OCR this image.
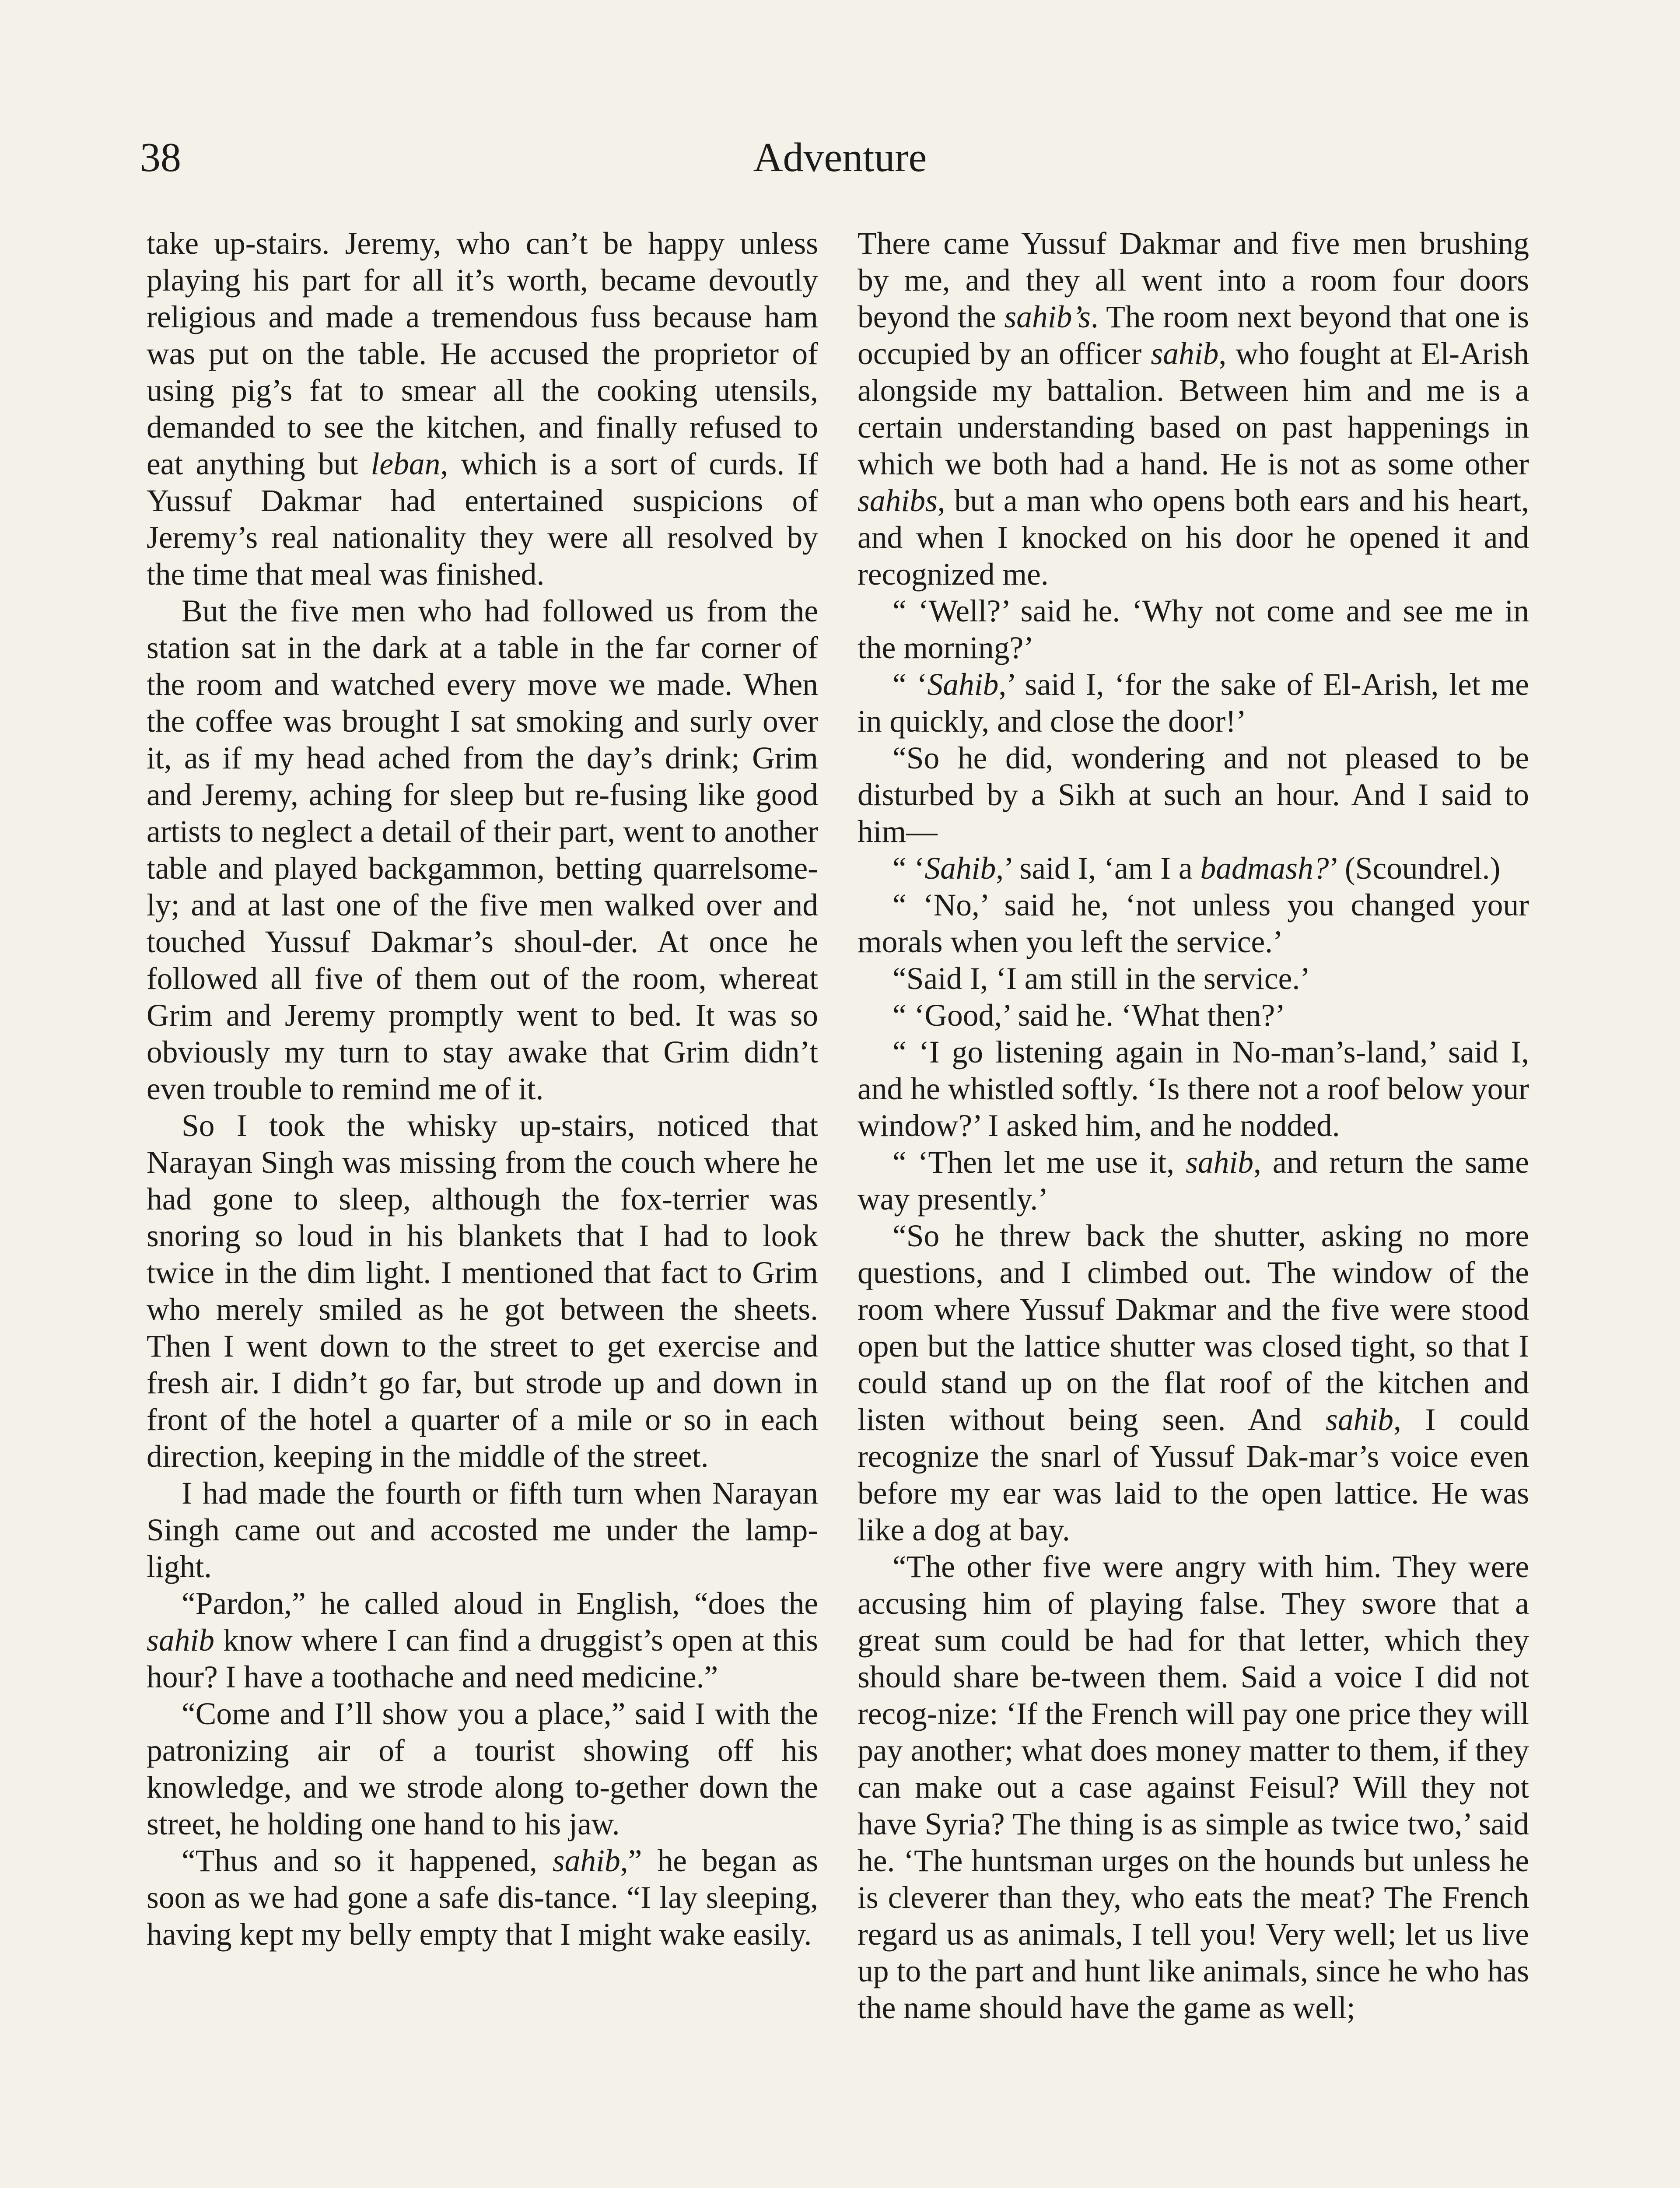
38	Adventure

take up-stairs. Jeremy, who can’t be happy unless playing his part for all it’s worth, became devoutly religious and made a tremendous fuss because ham was put on the table. He accused the proprietor of using pig’s fat to smear all the cooking utensils, demanded to see the kitchen, and finally refused to eat anything but leban, which is a sort of curds. If Yussuf Dakmar had entertained suspicions of Jeremy’s real nationality they were all resolved by the time that meal was finished.

But the five men who had followed us from the station sat in the dark at a table in the far corner of the room and watched every move we made. When the coffee was brought I sat smoking and surly over it, as if my head ached from the day’s drink; Grim and Jeremy, aching for sleep but re-fusing like good artists to neglect a detail of their part, went to another table and played backgammon, betting quarrelsome-ly; and at last one of the five men walked over and touched Yussuf Dakmar’s shoul-der. At once he followed all five of them out of the room, whereat Grim and Jeremy promptly went to bed. It was so obviously my turn to stay awake that Grim didn’t even trouble to remind me of it.

So I took the whisky up-stairs, noticed that Narayan Singh was missing from the couch where he had gone to sleep, although the fox-terrier was snoring so loud in his blankets that I had to look twice in the dim light. I mentioned that fact to Grim who merely smiled as he got between the sheets. Then I went down to the street to get exercise and fresh air. I didn’t go far, but strode up and down in front of the hotel a quarter of a mile or so in each direction, keeping in the middle of the street.

I had made the fourth or fifth turn when Narayan Singh came out and accosted me under the lamp-light.

“Pardon,” he called aloud in English, “does the sahib know where I can find a druggist’s open at this hour? I have a toothache and need medicine.”

“Come and I’ll show you a place,” said I with the patronizing air of a tourist showing off his knowledge, and we strode along to-gether down the street, he holding one hand to his jaw.

“Thus and so it happened, sahib,” he began as soon as we had gone a safe dis-tance. “I lay sleeping, having kept my belly empty that I might wake easily.

There came Yussuf Dakmar and five men brushing by me, and they all went into a room four doors beyond the sahib’s. The room next beyond that one is occupied by an officer sahib, who fought at El-Arish alongside my battalion. Between him and me is a certain understanding based on past happenings in which we both had a hand. He is not as some other sahibs, but a man who opens both ears and his heart, and when I knocked on his door he opened it and recognized me.

“ ‘Well?’ said he. ‘Why not come and see me in the morning?’

“ ‘Sahib,’ said I, ‘for the sake of El-Arish, let me in quickly, and close the door!’

“So he did, wondering and not pleased to be disturbed by a Sikh at such an hour. And I said to him—

“ ‘Sahib,’ said I, ‘am I a badmash?’ (Scoundrel.)

“ ‘No,’ said he, ‘not unless you changed your morals when you left the service.’

“Said I, ‘I am still in the service.’

“ ‘Good,’ said he. ‘What then?’

“ ‘I go listening again in No-man’s-land,’ said I, and he whistled softly. ‘Is there not a roof below your window?’ I asked him, and he nodded.

“ ‘Then let me use it, sahib, and return the same way presently.’

“So he threw back the shutter, asking no more questions, and I climbed out. The window of the room where Yussuf Dakmar and the five were stood open but the lattice shutter was closed tight, so that I could stand up on the flat roof of the kitchen and listen without being seen. And sahib, I could recognize the snarl of Yussuf Dak-mar’s voice even before my ear was laid to the open lattice. He was like a dog at bay.

“The other five were angry with him. They were accusing him of playing false. They swore that a great sum could be had for that letter, which they should share be-tween them. Said a voice I did not recog-nize: ‘If the French will pay one price they will pay another; what does money matter to them, if they can make out a case against Feisul? Will they not have Syria? The thing is as simple as twice two,’ said he. ‘The huntsman urges on the hounds but unless he is cleverer than they, who eats the meat? The French regard us as animals, I tell you! Very well; let us live up to the part and hunt like animals, since he who has the name should have the game as well;
